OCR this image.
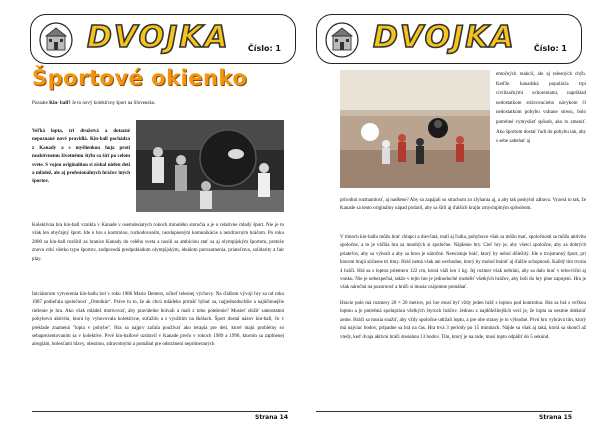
DVOJKA Číslo: 1
Športové okienko

Poznáte Kin- ball? Je to nový kolektívny šport na Slovensku.

Veľká lopta, tri družstvá a dotazné nepoznané nové pravidlá. Kin-ball pochádza z Kanady a s myšlienkou hoja proti neaktívnemu životnému štýlu sa šíri po celom svete. S vojou originalitou si získal nielen deti a mládež, ale aj profesionálnych hráčov iných športov.

Kolektívna hra kin-ball vznikla v Kanade v osemdesiatych rokoch minulého storočia a je o relatívne mladý šport. Nie je to však len obyčajný šport. Ide o hru s kontrolou, rozhodovaním, nezdopneným komunikácie a nezdravným hráčom. Po roku 2000 sa kin-ball rozšíril za hranice Kanady do celého sveta a nosili sa ambíciou stať sa aj olympijským športom, pretože znovu robí všetko typu športov, zodpovedá predpokladom olympijským, ideálom porozumenia, priateľstva, solidarity a fair play.

Iniciátorom vytvorenia kin-ballu bol v roku 1986 Mario Demers, učiteľ telesnej výchovy. Na ďalšom vývoji hry sa od roku 1987 podieľala spoločnosť „Omnikin“. Práve tu to, že ak chcú mládeho primäť hýbať sa, najjednoduchšie a najúčinnejšie riešenie je hra. Ako však mládež motivovať, aby pravidelne hrávali a mali z toho potešenie? Musieť slúžiť samostatnú pohybovú aktivitu, ktorá by vyhovovala kolektívne, súťažilo a s využitím na škôlach. Šport dostal názov kin-ball, čo v preklade znamená "lopta v pohybe". Hra sa najprv začala používať ako terapia pre deti, ktoré majú problémy so sebaprezentovaním sa v kolektíve. Prvé kin-ballové uzdravil v Kanade prečo v rokoch 1989 a 1990, ktorom sa zaplnenej alergiám, bolesťami hlavy, obezitou, zdravotnými a pomáhal pre odstránení neprimeraných

Strana 14
DVOJKA Číslo: 1

emočných reakcií, ale aj telesných chýb. Keďže kanadská populácia trpí civilizačnými ochoreniami, napríklad nedostatkom strávovacieho návykom či nedostatkom pohybu vrátane stresu, bolo potrebné vymyslieť spôsob, ako to zmeniť. Ako športom dostať ľudí do pohybu tak, aby s sebe zabehať aj

prírodnú rozmanitosť, aj nadšene? Aby sa zapájali so strachom zo zlyhania aj, a aby tak poskytol zábavu. Vyzerá to tak, že Kanade sa tento originálny nápad podaril, aby sa šíril aj ďalších krajín zmysluplným spôsobom.

V tímoch kin-ballu môžu hrať chlapci a dievčatá, malí aj ľudia, pohybovo však sa môžu mať, spoločnosti sa môžu aktivitu spoločne, a to je väčšia hra za mnohých si spoločne. Nájdenie hry. Cieľ hry je, aby všetci spoločne, aby sa dobrých priateľov, aby sa vyhrali a aby sa hrou je náročné. Neexistuje hráč, ktorý by nebol dôležitý. Ide o trojstranný šport, pri ktorom hrajú súčasne tri tímy. Hráč nemá však ani nevhodne, ktorý by mohol brániť aj ďalšie schopnosti. Každý tím tvoria 4 hráči. Hrá sa s loptou priemeru 122 cm, ktorá váži len 1 kg. Jej rozmer však nebráni, aby sa dalo hrať v telocvični aj vonku. Nie je nebezpečná, takže v tejto hre je jednoduché rozdeliť všetkých hráčov, aby boli do hry plne zapojení. Hra je však náročná na pozornosť a hráči si musia vzájomne pomáhať.

Hracie pole má rozmery 20 × 20 metrov, pri hre musí byť vždy jeden hráč s loptou pod kontrolou. Hra sa hrá s veľkou loptou a je potrebná spolupráca všetkých štyroch hráčov. Jednou z najdôležitejších vecí je, že lopta sa nesmie dotknúť zeme. Hráči sa musia snažiť, aby vždy spoločne udržali loptu, a pre obe strany je to výhodné. Prvú hru vyhráva tím, ktorý má najviac bodov, prípadne sa hrá na čas. Hra trvá 3 periódy po 15 minútach. Nájde sa však aj taká, ktorá sa skončí až vtedy, keď dvaja aktívni hráči dosiahnu 13 bodov. Tím, ktorý je na rade, musí loptu odpáliť do 5 sekúnd.

Strana 15
